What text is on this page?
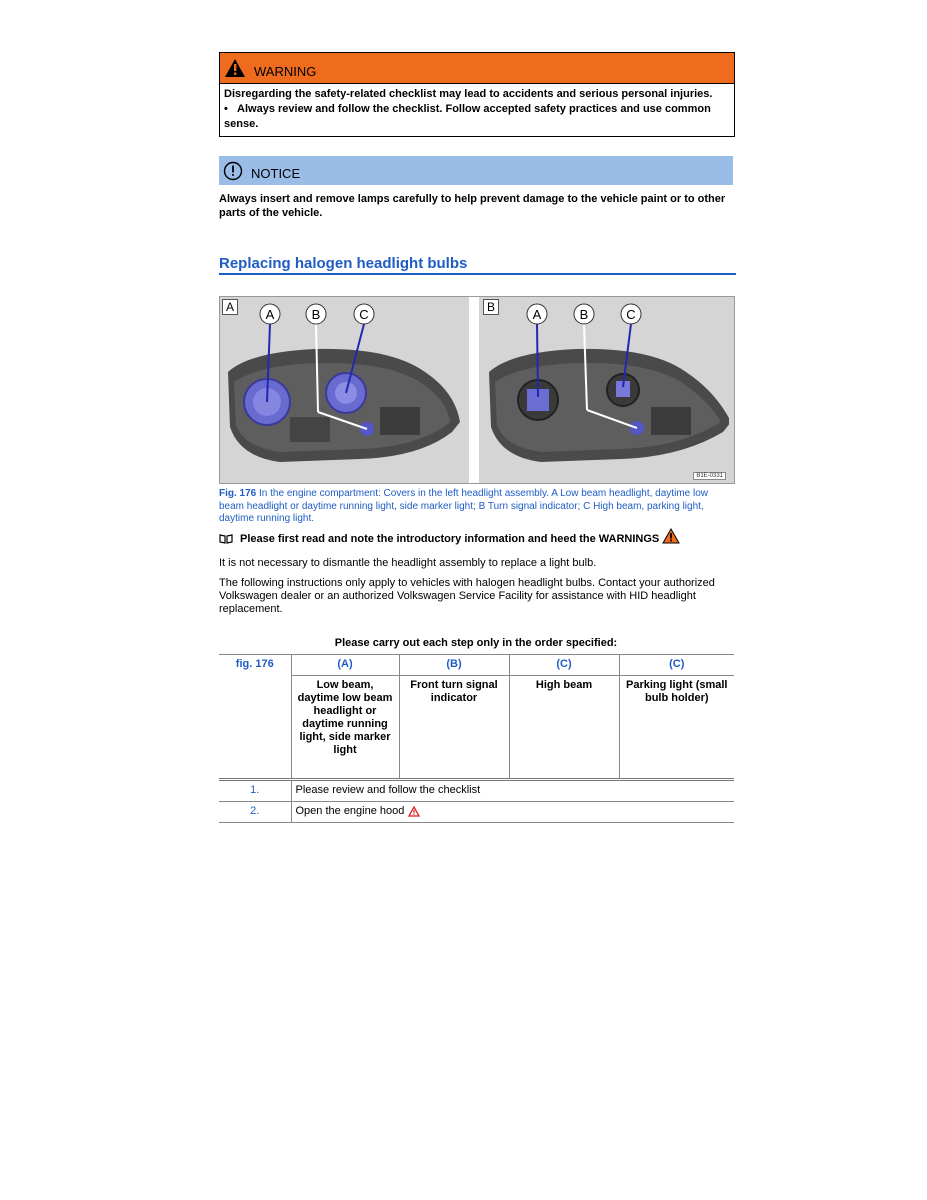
WARNING

Disregarding the safety-related checklist may lead to accidents and serious personal injuries.

•   Always review and follow the checklist. Follow accepted safety practices and use common sense.

NOTICE

Always insert and remove lamps carefully to help prevent damage to the vehicle paint or to other parts of the vehicle.

Replacing halogen headlight bulbs
A	A	B	C	B	A	B	C
B1E-0331

Fig. 176 In the engine compartment: Covers in the left headlight assembly. A Low beam headlight, daytime low beam headlight or daytime running light, side marker light; B Turn signal indicator; C High beam, parking light, daytime running light.

Please first read and note the introductory information and heed the WARNINGS

It is not necessary to dismantle the headlight assembly to replace a light bulb.

The following instructions only apply to vehicles with halogen headlight bulbs. Contact your authorized Volkswagen dealer or an authorized Volkswagen Service Facility for assistance with HID headlight replacement.

Please carry out each step only in the order specified:

fig. 176	(A)	(B)	(C)	(C)
	Low beam, daytime low beam headlight or daytime running light, side marker light	Front turn signal indicator	High beam	Parking light (small bulb holder)
1.	Please review and follow the checklist			
2.	Open the engine hood			
